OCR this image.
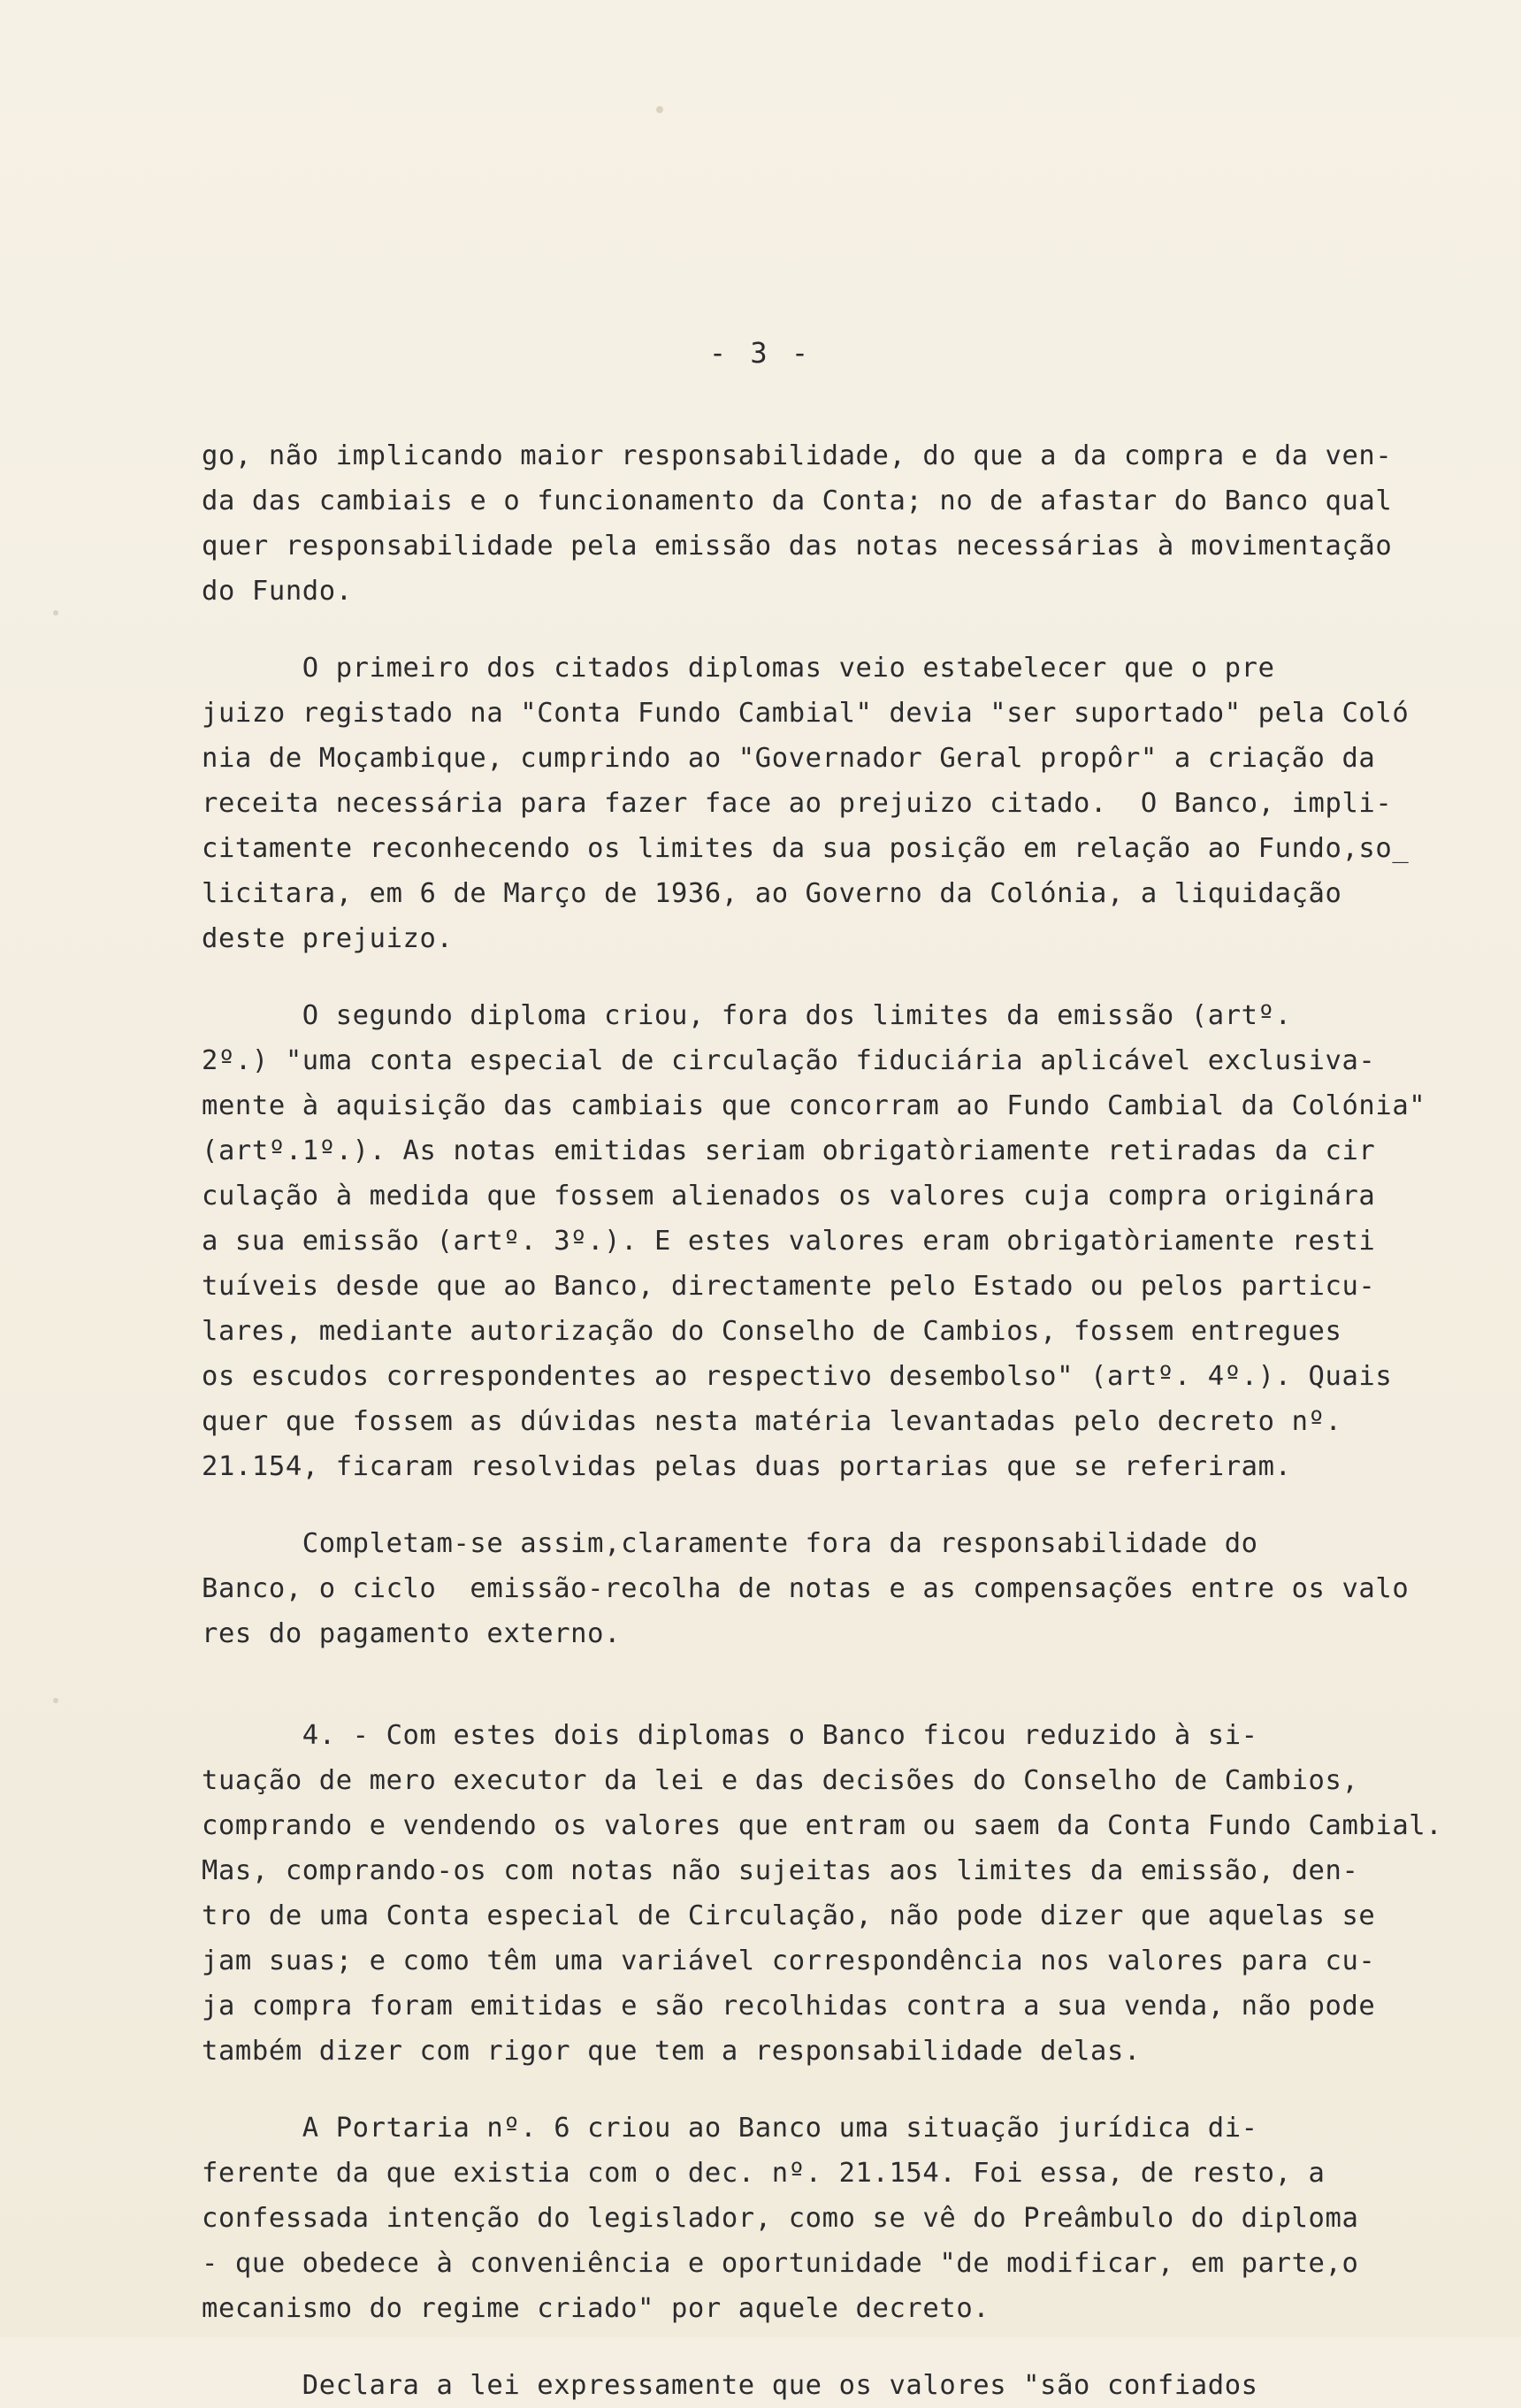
- 3 -
go, não implicando maior responsabilidade, do que a da compra e da ven-
da das cambiais e o funcionamento da Conta; no de afastar do Banco qual
quer responsabilidade pela emissão das notas necessárias à movimentação
do Fundo.
O primeiro dos citados diplomas veio estabelecer que o pre
juizo registado na "Conta Fundo Cambial" devia "ser suportado" pela Coló
nia de Moçambique, cumprindo ao "Governador Geral propôr" a criação da
receita necessária para fazer face ao prejuizo citado.  O Banco, impli-
citamente reconhecendo os limites da sua posição em relação ao Fundo,so_
licitara, em 6 de Março de 1936, ao Governo da Colónia, a liquidação
deste prejuizo.
O segundo diploma criou, fora dos limites da emissão (artº.
2º.) "uma conta especial de circulação fiduciária aplicável exclusiva-
mente à aquisição das cambiais que concorram ao Fundo Cambial da Colónia"
(artº.1º.). As notas emitidas seriam obrigatòriamente retiradas da cir
culação à medida que fossem alienados os valores cuja compra originára
a sua emissão (artº. 3º.). E estes valores eram obrigatòriamente resti
tuíveis desde que ao Banco, directamente pelo Estado ou pelos particu-
lares, mediante autorização do Conselho de Cambios, fossem entregues
os escudos correspondentes ao respectivo desembolso" (artº. 4º.). Quais
quer que fossem as dúvidas nesta matéria levantadas pelo decreto nº.
21.154, ficaram resolvidas pelas duas portarias que se referiram.
Completam-se assim,claramente fora da responsabilidade do
Banco, o ciclo  emissão-recolha de notas e as compensações entre os valo
res do pagamento externo.
4. - Com estes dois diplomas o Banco ficou reduzido à si-
tuação de mero executor da lei e das decisões do Conselho de Cambios,
comprando e vendendo os valores que entram ou saem da Conta Fundo Cambial.
Mas, comprando-os com notas não sujeitas aos limites da emissão, den-
tro de uma Conta especial de Circulação, não pode dizer que aquelas se
jam suas; e como têm uma variável correspondência nos valores para cu-
ja compra foram emitidas e são recolhidas contra a sua venda, não pode
também dizer com rigor que tem a responsabilidade delas.
A Portaria nº. 6 criou ao Banco uma situação jurídica di-
ferente da que existia com o dec. nº. 21.154. Foi essa, de resto, a
confessada intenção do legislador, como se vê do Preâmbulo do diploma
- que obedece à conveniência e oportunidade "de modificar, em parte,o
mecanismo do regime criado" por aquele decreto.
Declara a lei expressamente que os valores "são confiados
